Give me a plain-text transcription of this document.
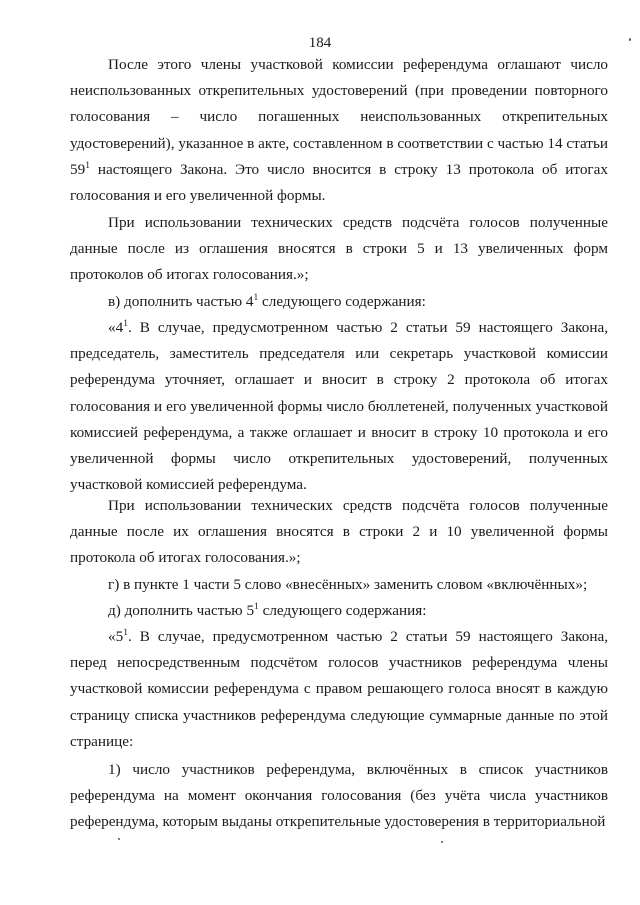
184

После этого члены участковой комиссии референдума оглашают число неиспользованных открепительных удостоверений (при проведении повторного голосования – число погашенных неиспользованных открепительных удостоверений), указанное в акте, составленном в соответствии с частью 14 статьи $59^1$ настоящего Закона. Это число вносится в строку 13 протокола об итогах голосования и его увеличенной формы.

При использовании технических средств подсчёта голосов полученные данные после из оглашения вносятся в строки 5 и 13 увеличенных форм протоколов об итогах голосования.»;

в) дополнить частью $4^1$ следующего содержания:

«$4^1$. В случае, предусмотренном частью 2 статьи 59 настоящего Закона, председатель, заместитель председателя или секретарь участковой комиссии референдума уточняет, оглашает и вносит в строку 2 протокола об итогах голосования и его увеличенной формы число бюллетеней, полученных участковой комиссией референдума, а также оглашает и вносит в строку 10 протокола и его увеличенной формы число открепительных удостоверений, полученных участковой комиссией референдума.

При использовании технических средств подсчёта голосов полученные данные после их оглашения вносятся в строки 2 и 10 увеличенной формы протокола об итогах голосования.»;

г) в пункте 1 части 5 слово «внесённых» заменить словом «включённых»;

д) дополнить частью $5^1$ следующего содержания:

«$5^1$. В случае, предусмотренном частью 2 статьи 59 настоящего Закона, перед непосредственным подсчётом голосов участников референдума члены участковой комиссии референдума с правом решающего голоса вносят в каждую страницу списка участников референдума следующие суммарные данные по этой странице:

1) число участников референдума, включённых в список участников референдума на момент окончания голосования (без учёта числа участников референдума, которым выданы открепительные удостоверения в территориальной
